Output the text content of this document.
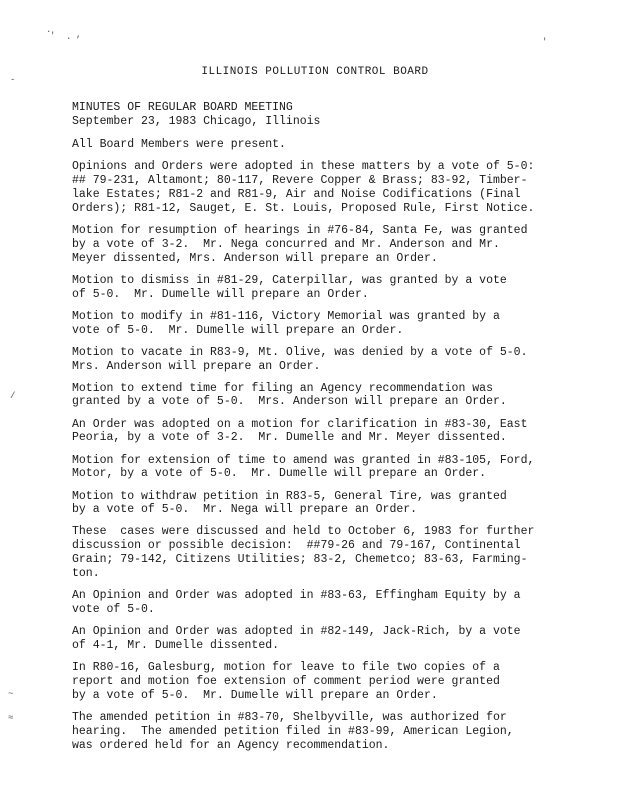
.
' . ,
'
-
/
~
≈
ILLINOIS POLLUTION CONTROL BOARD
MINUTES OF REGULAR BOARD MEETING
September 23, 1983 Chicago, Illinois
All Board Members were present.
Opinions and Orders were adopted in these matters by a vote of 5-0:
## 79-231, Altamont; 80-117, Revere Copper & Brass; 83-92, Timber-
lake Estates; R81-2 and R81-9, Air and Noise Codifications (Final
Orders); R81-12, Sauget, E. St. Louis, Proposed Rule, First Notice.
Motion for resumption of hearings in #76-84, Santa Fe, was granted
by a vote of 3-2.  Mr. Nega concurred and Mr. Anderson and Mr.
Meyer dissented, Mrs. Anderson will prepare an Order.
Motion to dismiss in #81-29, Caterpillar, was granted by a vote
of 5-0.  Mr. Dumelle will prepare an Order.
Motion to modify in #81-116, Victory Memorial was granted by a
vote of 5-0.  Mr. Dumelle will prepare an Order.
Motion to vacate in R83-9, Mt. Olive, was denied by a vote of 5-0.
Mrs. Anderson will prepare an Order.
Motion to extend time for filing an Agency recommendation was
granted by a vote of 5-0.  Mrs. Anderson will prepare an Order.
An Order was adopted on a motion for clarification in #83-30, East
Peoria, by a vote of 3-2.  Mr. Dumelle and Mr. Meyer dissented.
Motion for extension of time to amend was granted in #83-105, Ford,
Motor, by a vote of 5-0.  Mr. Dumelle will prepare an Order.
Motion to withdraw petition in R83-5, General Tire, was granted
by a vote of 5-0.  Mr. Nega will prepare an Order.
These  cases were discussed and held to October 6, 1983 for further
discussion or possible decision:  ##79-26 and 79-167, Continental
Grain; 79-142, Citizens Utilities; 83-2, Chemetco; 83-63, Farming-
ton.
An Opinion and Order was adopted in #83-63, Effingham Equity by a
vote of 5-0.
An Opinion and Order was adopted in #82-149, Jack-Rich, by a vote
of 4-1, Mr. Dumelle dissented.
In R80-16, Galesburg, motion for leave to file two copies of a
report and motion foe extension of comment period were granted
by a vote of 5-0.  Mr. Dumelle will prepare an Order.
The amended petition in #83-70, Shelbyville, was authorized for
hearing.  The amended petition filed in #83-99, American Legion,
was ordered held for an Agency recommendation.
